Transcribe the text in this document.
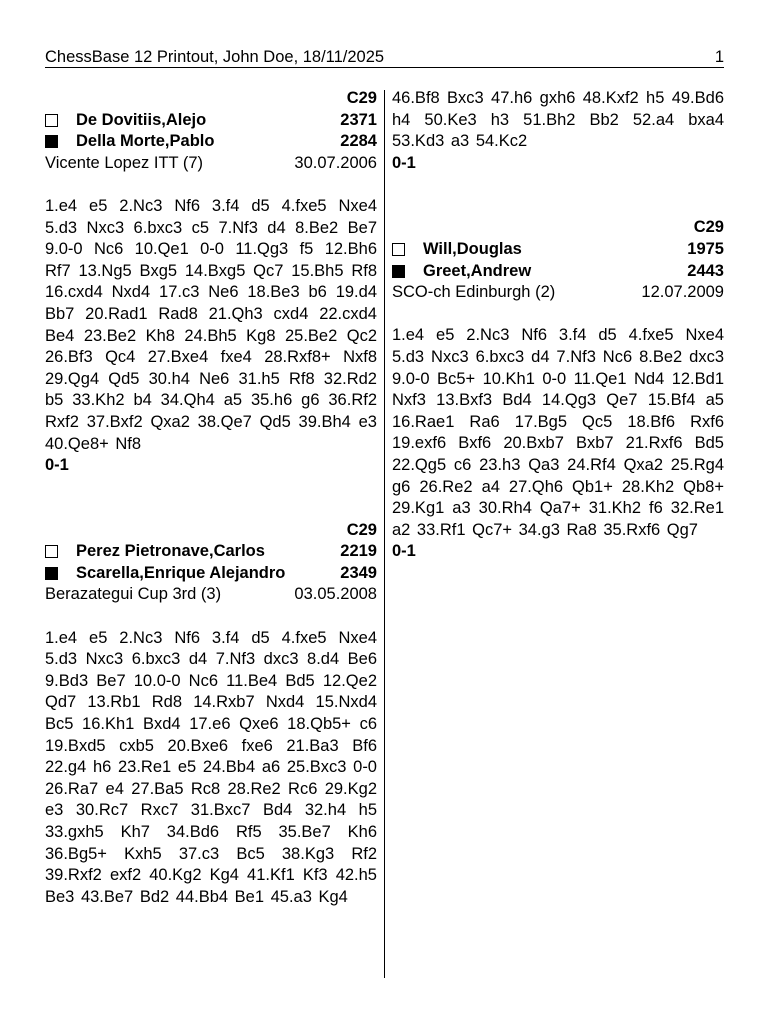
ChessBase 12 Printout, John Doe, 18/11/2025	1
C29
De Dovitiis,Alejo	2371
Della Morte,Pablo	2284
Vicente Lopez ITT (7)	30.07.2006
1.e4 e5 2.Nc3 Nf6 3.f4 d5 4.fxe5 Nxe4 5.d3 Nxc3 6.bxc3 c5 7.Nf3 d4 8.Be2 Be7 9.0-0 Nc6 10.Qe1 0-0 11.Qg3 f5 12.Bh6 Rf7 13.Ng5 Bxg5 14.Bxg5 Qc7 15.Bh5 Rf8 16.cxd4 Nxd4 17.c3 Ne6 18.Be3 b6 19.d4 Bb7 20.Rad1 Rad8 21.Qh3 cxd4 22.cxd4 Be4 23.Be2 Kh8 24.Bh5 Kg8 25.Be2 Qc2 26.Bf3 Qc4 27.Bxe4 fxe4 28.Rxf8+ Nxf8 29.Qg4 Qd5 30.h4 Ne6 31.h5 Rf8 32.Rd2 b5 33.Kh2 b4 34.Qh4 a5 35.h6 g6 36.Rf2 Rxf2 37.Bxf2 Qxa2 38.Qe7 Qd5 39.Bh4 e3 40.Qe8+ Nf8
0-1
C29
Perez Pietronave,Carlos	2219
Scarella,Enrique Alejandro	2349
Berazategui Cup 3rd (3)	03.05.2008
1.e4 e5 2.Nc3 Nf6 3.f4 d5 4.fxe5 Nxe4 5.d3 Nxc3 6.bxc3 d4 7.Nf3 dxc3 8.d4 Be6 9.Bd3 Be7 10.0-0 Nc6 11.Be4 Bd5 12.Qe2 Qd7 13.Rb1 Rd8 14.Rxb7 Nxd4 15.Nxd4 Bc5 16.Kh1 Bxd4 17.e6 Qxe6 18.Qb5+ c6 19.Bxd5 cxb5 20.Bxe6 fxe6 21.Ba3 Bf6 22.g4 h6 23.Re1 e5 24.Bb4 a6 25.Bxc3 0-0 26.Ra7 e4 27.Ba5 Rc8 28.Re2 Rc6 29.Kg2 e3 30.Rc7 Rxc7 31.Bxc7 Bd4 32.h4 h5 33.gxh5 Kh7 34.Bd6 Rf5 35.Be7 Kh6 36.Bg5+ Kxh5 37.c3 Bc5 38.Kg3 Rf2 39.Rxf2 exf2 40.Kg2 Kg4 41.Kf1 Kf3 42.h5 Be3 43.Be7 Bd2 44.Bb4 Be1 45.a3 Kg4
46.Bf8 Bxc3 47.h6 gxh6 48.Kxf2 h5 49.Bd6 h4 50.Ke3 h3 51.Bh2 Bb2 52.a4 bxa4 53.Kd3 a3 54.Kc2
0-1
C29
Will,Douglas	1975
Greet,Andrew	2443
SCO-ch Edinburgh (2)	12.07.2009
1.e4 e5 2.Nc3 Nf6 3.f4 d5 4.fxe5 Nxe4 5.d3 Nxc3 6.bxc3 d4 7.Nf3 Nc6 8.Be2 dxc3 9.0-0 Bc5+ 10.Kh1 0-0 11.Qe1 Nd4 12.Bd1 Nxf3 13.Bxf3 Bd4 14.Qg3 Qe7 15.Bf4 a5 16.Rae1 Ra6 17.Bg5 Qc5 18.Bf6 Rxf6 19.exf6 Bxf6 20.Bxb7 Bxb7 21.Rxf6 Bd5 22.Qg5 c6 23.h3 Qa3 24.Rf4 Qxa2 25.Rg4 g6 26.Re2 a4 27.Qh6 Qb1+ 28.Kh2 Qb8+ 29.Kg1 a3 30.Rh4 Qa7+ 31.Kh2 f6 32.Re1 a2 33.Rf1 Qc7+ 34.g3 Ra8 35.Rxf6 Qg7
0-1
